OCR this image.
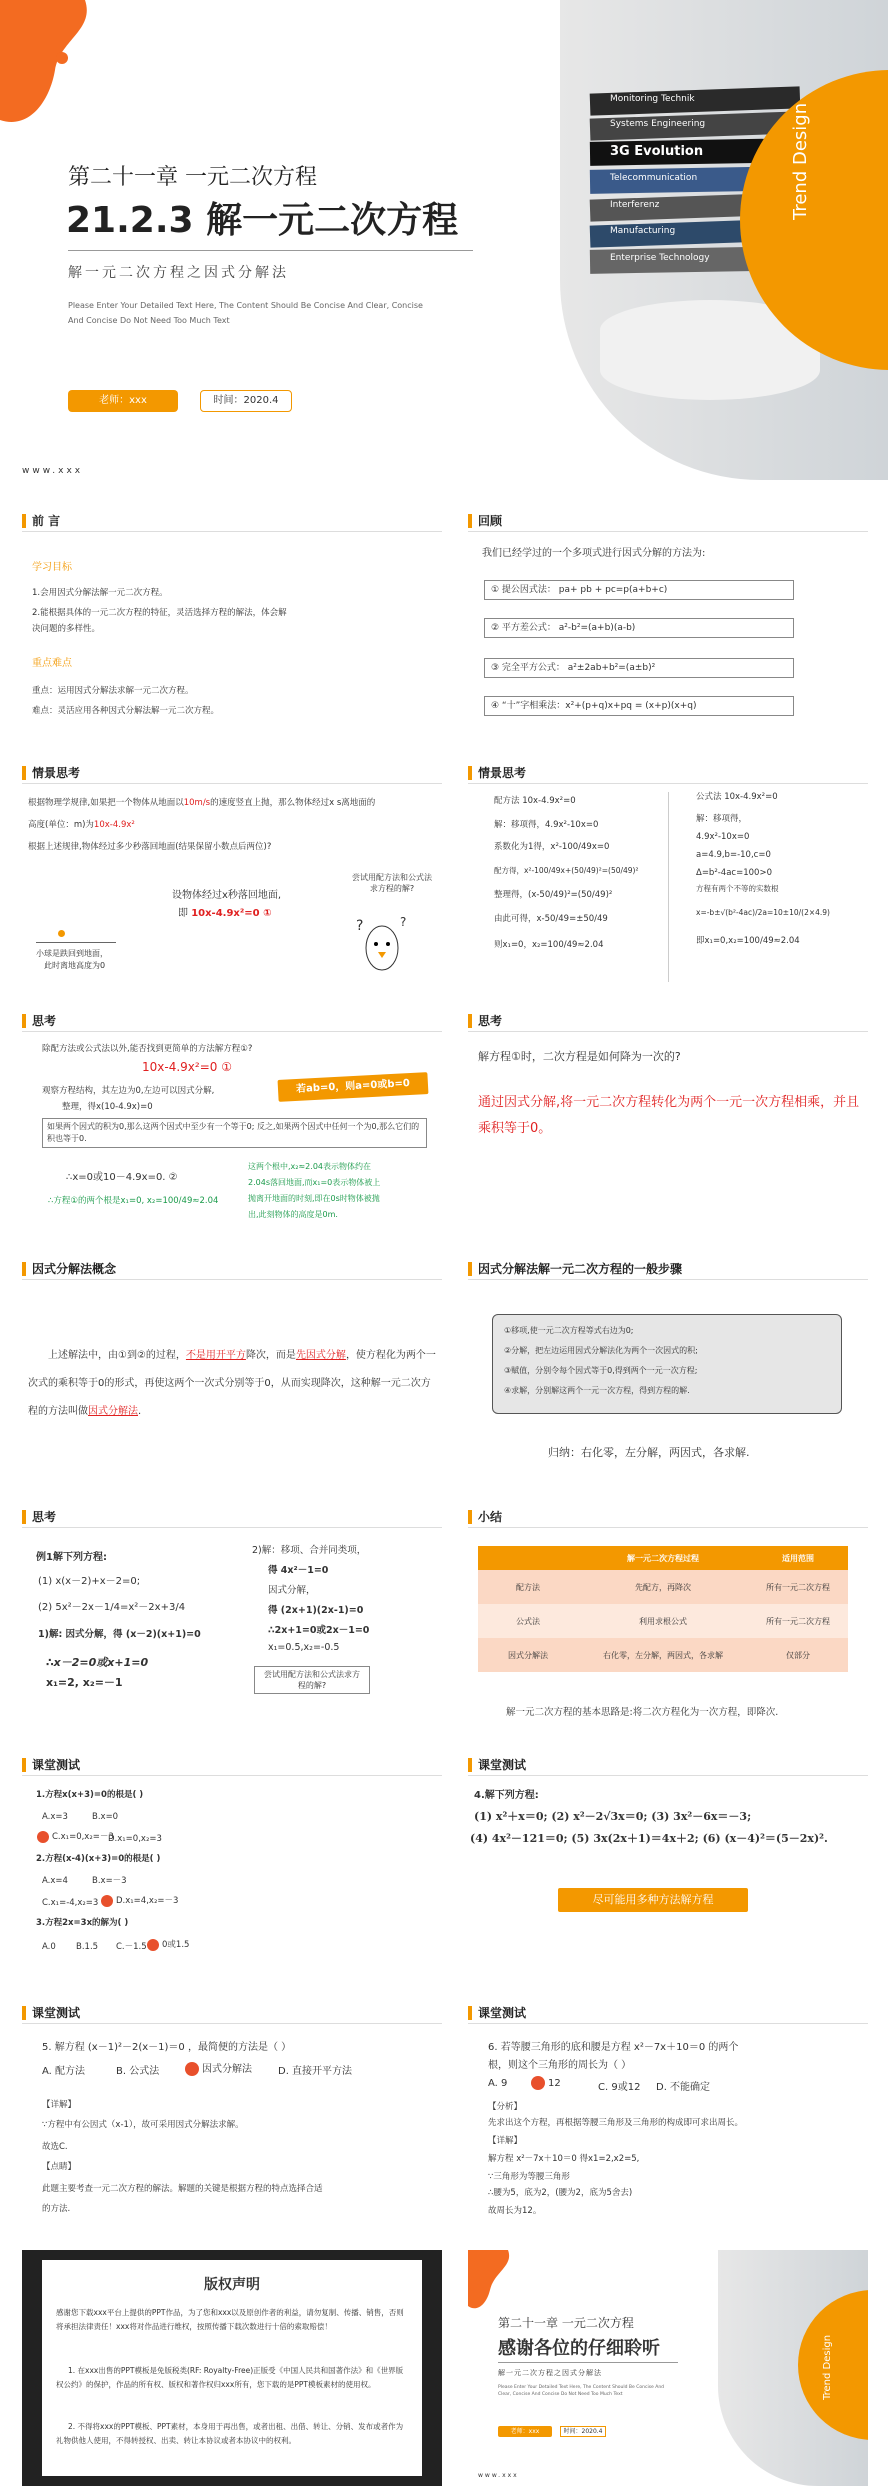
Monitoring Technik
Systems Engineering
3G Evolution
Telecommunication
Interferenz
Manufacturing
Enterprise Technology
Trend Design
第二十一章 一元二次方程
21.2.3 解一元二次方程
解一元二次方程之因式分解法
Please Enter Your Detailed Text Here, The Content Should Be Concise And Clear, Concise And Concise Do Not Need Too Much Text
老师：xxx	时间：2020.4
www.xxx
前 言
学习目标
1.会用因式分解法解一元二次方程。
2.能根据具体的一元二次方程的特征，灵活选择方程的解法，体会解
决问题的多样性。
重点难点
重点：运用因式分解法求解一元二次方程。
难点：灵活应用各种因式分解法解一元二次方程。
回顾
我们已经学过的一个多项式进行因式分解的方法为:
① 提公因式法： pa+ pb + pc=p(a+b+c)
② 平方差公式： a²-b²=(a+b)(a-b)
③ 完全平方公式： a²±2ab+b²=(a±b)²
④ “十”字相乘法：x²+(p+q)x+pq = (x+p)(x+q)
情景思考
根据物理学规律,如果把一个物体从地面以10m/s的速度竖直上抛，那么物体经过x s离地面的
高度(单位：m)为10x-4.9x²
根据上述规律,物体经过多少秒落回地面(结果保留小数点后两位)?
设物体经过x秒落回地面,
即 10x-4.9x²=0 ①
尝试用配方法和公式法求方程的解?
?	?
小球是跌回到地面，
此时离地高度为0
情景思考
配方法 10x-4.9x²=0
解：移项得，4.9x²-10x=0
系数化为1得，x²-100/49x=0
配方得，x²-100/49x+(50/49)²=(50/49)²
整理得，(x-50/49)²=(50/49)²
由此可得，x-50/49=±50/49
则x₁=0，x₂=100/49≈2.04
公式法 10x-4.9x²=0
解：移项得，
4.9x²-10x=0
a=4.9,b=-10,c=0
Δ=b²-4ac=100>0
方程有两个不等的实数根
x=-b±√(b²-4ac)/2a=10±10/(2×4.9)
即x₁=0,x₂=100/49≈2.04
思考
除配方法或公式法以外,能否找到更简单的方法解方程①?
10x-4.9x²=0 ①
观察方程结构，其左边为0,左边可以因式分解,
整理，得x(10-4.9x)=0
若ab=0，则a=0或b=0
如果两个因式的积为0,那么这两个因式中至少有一个等于0; 反之,如果两个因式中任何一个为0,那么它们的积也等于0.
∴x=0或10－4.9x=0. ②
∴方程①的两个根是x₁=0, x₂=100/49≈2.04
这两个根中,x₂≈2.04表示物体约在
2.04s落回地面,而x₁=0表示物体被上
抛离开地面的时刻,即在0s时物体被抛
出,此刻物体的高度是0m.
思考
解方程①时，二次方程是如何降为一次的?
通过因式分解,将一元二次方程转化为两个一元一次方程相乘，并且乘积等于0。
因式分解法概念
上述解法中，由①到②的过程，不是用开平方降次，而是先因式分解，使方程化为两个一次式的乘积等于0的形式，再使这两个一次式分别等于0，从而实现降次，这种解一元二次方程的方法叫做因式分解法.
因式分解法解一元二次方程的一般步骤
①移项,使一元二次方程等式右边为0;
②分解，把左边运用因式分解法化为两个一次因式的积;
③赋值，分别令每个因式等于0,得到两个一元一次方程;
④求解，分别解这两个一元一次方程，得到方程的解.
归纳：右化零，左分解，两因式，各求解.
思考
例1解下列方程:
(1) x(x－2)+x－2=0;
(2) 5x²－2x－1/4=x²－2x+3/4
1)解: 因式分解，得 (x－2)(x+1)=0
∴x－2=0或x+1=0
x₁=2, x₂=－1
2)解：移项、合并同类项，
得 4x²－1=0
因式分解，
得 (2x+1)(2x-1)=0
∴2x+1=0或2x－1=0
x₁=0.5,x₂=-0.5
尝试用配方法和公式法求方程的解?
小结
	解一元二次方程过程	适用范围
配方法	先配方，再降次	所有一元二次方程
公式法	利用求根公式	所有一元二次方程
因式分解法	右化零，左分解，两因式，各求解	仅部分
解一元二次方程的基本思路是:将二次方程化为一次方程，即降次.
课堂测试
1.方程x(x+3)=0的根是( )
A.x=3	B.x=0
C.x₁=0,x₂=－3
D.x₁=0,x₂=3
2.方程(x-4)(x+3)=0的根是( )
A.x=4	B.x=－3
C.x₁=-4,x₂=3	D.x₁=4,x₂=－3
3.方程2x=3x的解为( )
A.0 B.1.5 C.－1.5	0或1.5
课堂测试
4.解下列方程:
(1) x²＋x＝0; (2) x²－2√3x＝0; (3) 3x²－6x＝－3;
(4) 4x²－121＝0; (5) 3x(2x＋1)＝4x＋2; (6) (x－4)²＝(5－2x)².
尽可能用多种方法解方程
课堂测试
5. 解方程 (x－1)²－2(x－1)＝0 ，最简便的方法是（ ）
A. 配方法	B. 公式法	因式分解法	D. 直接开平方法
【详解】
∵方程中有公因式（x-1），故可采用因式分解法求解。
故选C.
【点睛】
此题主要考查一元二次方程的解法。解题的关键是根据方程的特点选择合适
的方法.
课堂测试
6. 若等腰三角形的底和腰是方程 x²－7x＋10＝0 的两个
根，则这个三角形的周长为（ ）
A. 9	12	C. 9或12 D. 不能确定
【分析】
先求出这个方程，再根据等腰三角形及三角形的构成即可求出周长。
【详解】
解方程 x²－7x＋10＝0 得x1=2,x2=5,
∵三角形为等腰三角形
∴腰为5，底为2，(腰为2，底为5舍去)
故周长为12。
版权声明
感谢您下载xxx平台上提供的PPT作品，为了您和xxx以及原创作者的利益，请勿复制、传播、销售，否则将承担法律责任！xxx将对作品进行维权，按照传播下载次数进行十倍的索取赔偿！
1. 在xxx出售的PPT模板是免版税类(RF: Royalty-Free)正版受《中国人民共和国著作法》和《世界版权公约》的保护，作品的所有权、版权和著作权归xxx所有，您下载的是PPT模板素材的使用权。
2. 不得将xxx的PPT模板、PPT素材，本身用于再出售，或者出租、出借、转让、分销、发布或者作为礼物供他人使用，不得转授权、出卖、转让本协议或者本协议中的权利。
Trend Design
第二十一章 一元二次方程
感谢各位的仔细聆听
解一元二次方程之因式分解法
Please Enter Your Detailed Text Here, The Content Should Be Concise And Clear, Concise And Concise Do Not Need Too Much Text
老师：xxx	时间：2020.4
www.xxx
